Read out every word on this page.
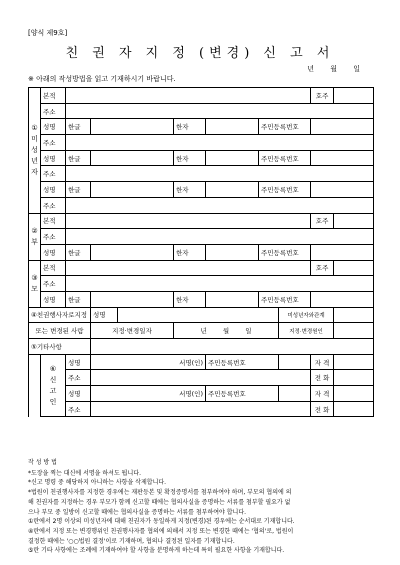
[양식 제9호]
친 권 자 지 정 (변경) 신 고 서
년 월 일
※ 아래의 작성방법을 읽고 기재하시기 바랍니다.
①
미
성
년
자	본적								호주	
	주소									
	성명	한글			한자		주민등록번호			
	주소									
	성명	한글			한자		주민등록번호			
	주소									
	성명	한글			한자		주민등록번호			
	주소									
②
부	본적								호주	
	주소									
	성명	한글			한자		주민등록번호			
③
모	본적								호주	
	주소									
	성명	한글			한자		주민등록번호			
④친권행사자로지정			성명					미성년자와관계		
또는 변경된 사람			지정·변경일자		년 월 일			지정·변경원인		
⑤기타사항										
	⑥
신
고
인	성명	서명(인)			주민등록번호			자 격	
		주소							전 화	
		성명	서명(인)			주민등록번호			자 격	
		주소							전 화	
작 성 방 법
*도장을 찍는 대신에 서명을 하셔도 됩니다.
*신고 명령 중 해당하지 아니하는 사항을 삭제합니다.
*법원이 친권행사자를 지정한 경우에는 재판등본 및 확정증명서를 첨부하여야 하며, 부모의 협의에 의
해 친권자를 지정하는 경우 부모가 함께 신고할 때에는 협의사실을 증명하는 서류를 첨부할 필요가 없
으나 부모 중 일방이 신고할 때에는 협의사실을 증명하는 서류를 첨부하여야 합니다.
①란에서 2명 이상의 미성년자에 대해 친권자가 동일하게 지정(변경)된 경우에는 순서대로 기재합니다.
④란에서 지정 또는 변경행위인 친권행사자를 협의에 의해서 지정 또는 변경한 때에는 '협의'로, 법원이
결정한 때에는 '○○법원 결정'이로 기재하며, 협의나 결정된 일자를 기재합니다.
⑤란 기타 사항에는 조례에 기재하여야 할 사항을 분명하게 하는데 특히 필요한 사항을 기재합니다.
